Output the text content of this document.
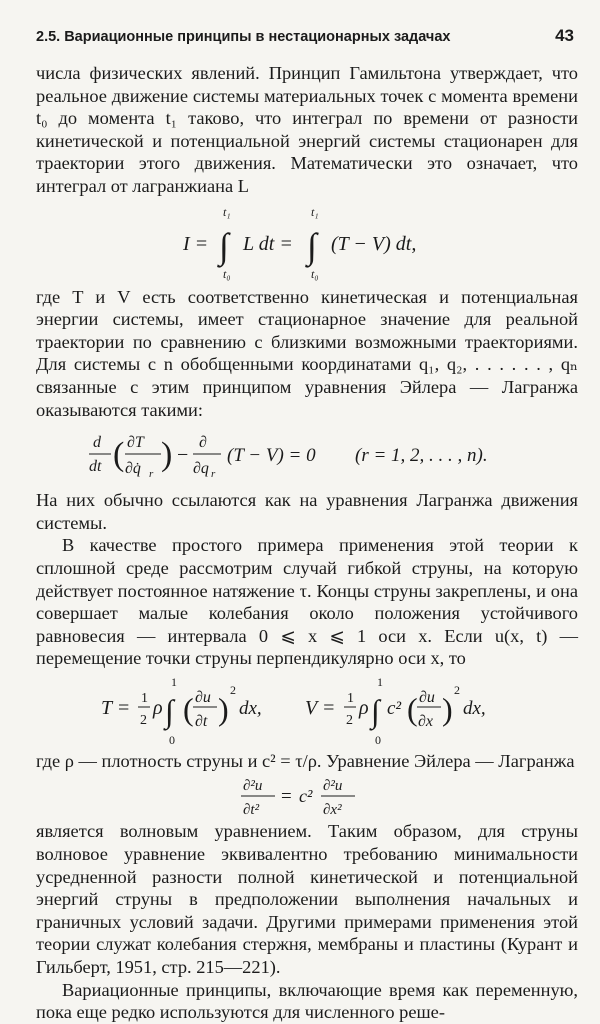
2.5. Вариационные принципы в нестационарных задачах	43

числа физических явлений. Принцип Гамильтона утверждает, что реальное движение системы материальных точек с момента времени t₀ до момента t₁ таково, что интеграл по времени от разности кинетической и потенциальной энергий системы стационарен для траектории этого движения. Математически это означает, что интеграл от лагранжиана L

I = ∫
t₁
t₀
L dt = ∫
t₁
t₀
(T − V) dt,

где T и V есть соответственно кинетическая и потенциальная энергии системы, имеет стационарное значение для реальной траектории по сравнению с близкими возможными траекториями. Для системы с n обобщенными координатами q₁, q₂, . . . . . . , qₙ связанные с этим принципом уравнения Эйлера — Лагранжа оказываются такими:

d
dt ( ∂T
∂q̇ r
) −
∂
∂q r
(T − V) = 0 (r = 1, 2, . . . , n).

На них обычно ссылаются как на уравнения Лагранжа движения системы.

В качестве простого примера применения этой теории к сплошной среде рассмотрим случай гибкой струны, на которую действует постоянное натяжение τ. Концы струны закреплены, и она совершает малые колебания около положения устойчивого равновесия — интервала 0 ⩽ x ⩽ 1 оси x. Если u(x, t) — перемещение точки струны перпендикулярно оси x, то

T = 1
2
ρ ∫
1
0
( ∂u
∂t )
2
dx, V = 1
2
ρ ∫
1
0
c² ( ∂u
∂x )
2
dx,

где ρ — плотность струны и c² = τ/ρ. Уравнение Эйлера — Лагранжа

∂²u
∂t²
= c² ∂²u
∂x²

является волновым уравнением. Таким образом, для струны волновое уравнение эквивалентно требованию минимальности усредненной разности полной кинетической и потенциальной энергий струны в предположении выполнения начальных и граничных условий задачи. Другими примерами применения этой теории служат колебания стержня, мембраны и пластины (Курант и Гильберт, 1951, стр. 215—221).

Вариационные принципы, включающие время как переменную, пока еще редко используются для численного реше-
